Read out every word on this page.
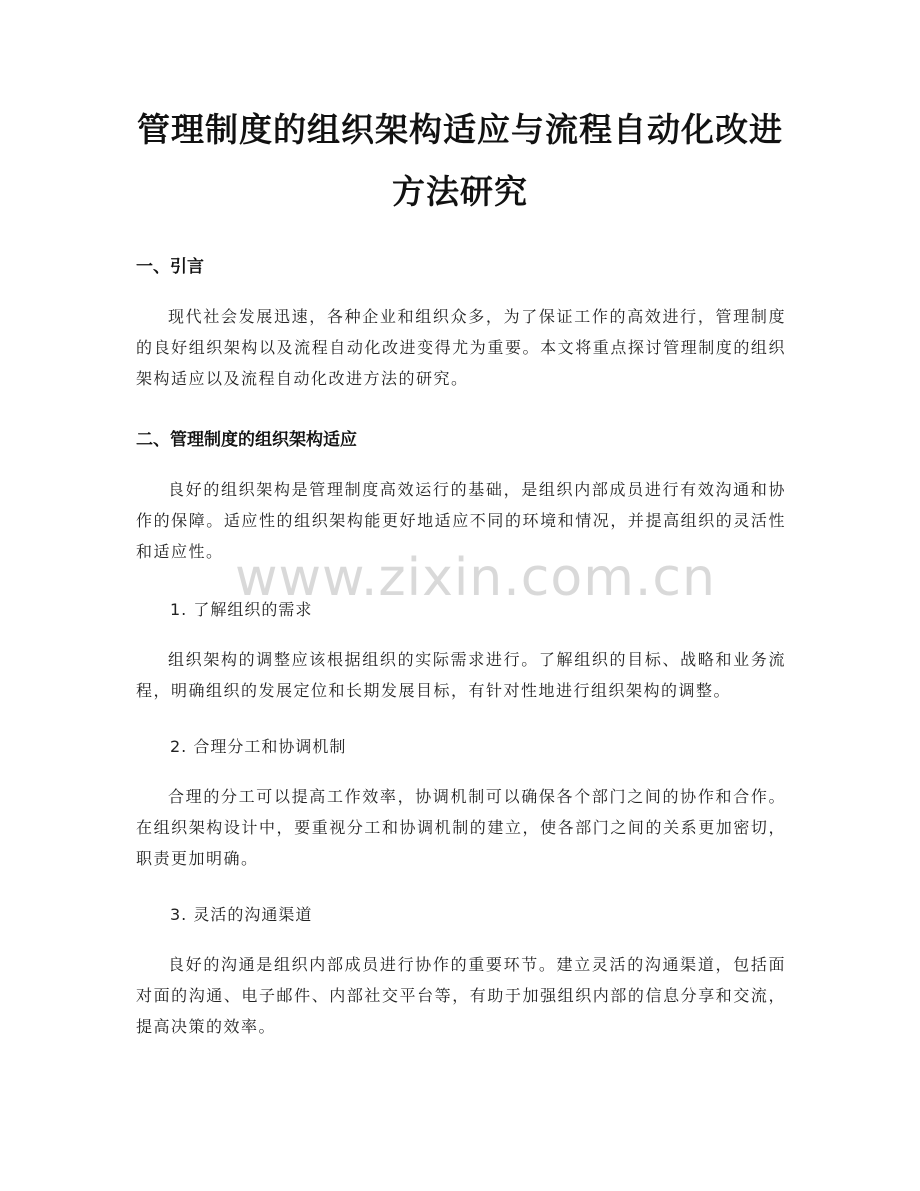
管理制度的组织架构适应与流程自动化改进
方法研究
一、引言

现代社会发展迅速，各种企业和组织众多，为了保证工作的高效进行，管理制度的良好组织架构以及流程自动化改进变得尤为重要。本文将重点探讨管理制度的组织架构适应以及流程自动化改进方法的研究。

二、管理制度的组织架构适应

良好的组织架构是管理制度高效运行的基础，是组织内部成员进行有效沟通和协作的保障。适应性的组织架构能更好地适应不同的环境和情况，并提高组织的灵活性和适应性。

1. 了解组织的需求

组织架构的调整应该根据组织的实际需求进行。了解组织的目标、战略和业务流程，明确组织的发展定位和长期发展目标，有针对性地进行组织架构的调整。

2. 合理分工和协调机制

合理的分工可以提高工作效率，协调机制可以确保各个部门之间的协作和合作。在组织架构设计中，要重视分工和协调机制的建立，使各部门之间的关系更加密切，职责更加明确。

3. 灵活的沟通渠道

良好的沟通是组织内部成员进行协作的重要环节。建立灵活的沟通渠道，包括面对面的沟通、电子邮件、内部社交平台等，有助于加强组织内部的信息分享和交流，提高决策的效率。

www.zixin.com.cn
